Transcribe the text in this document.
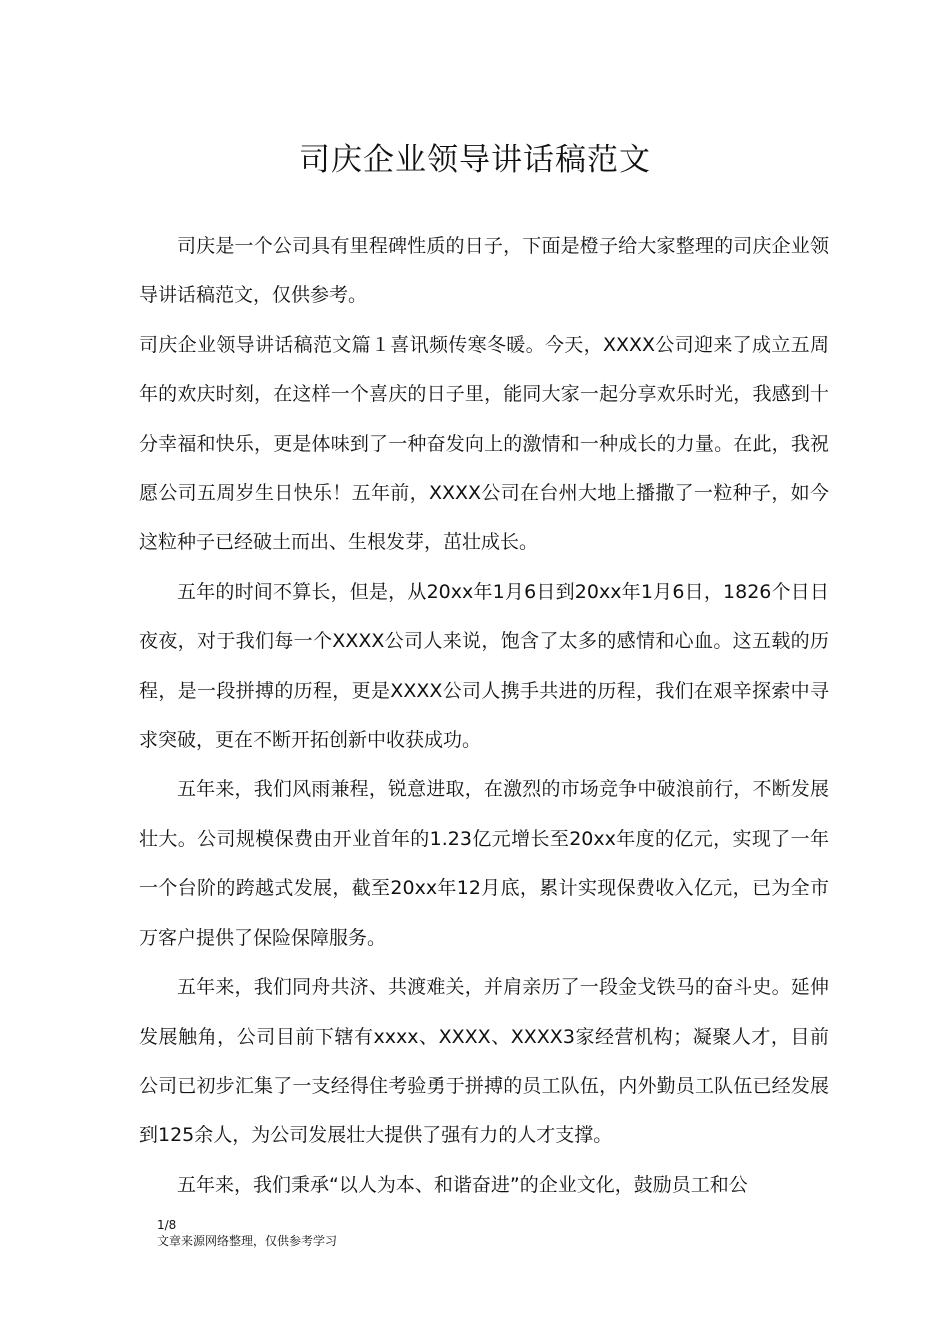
司庆企业领导讲话稿范文

司庆是一个公司具有里程碑性质的日子，下面是橙子给大家整理的司庆企业领导讲话稿范文，仅供参考。

司庆企业领导讲话稿范文篇１喜讯频传寒冬暖。今天，XXXX公司迎来了成立五周年的欢庆时刻，在这样一个喜庆的日子里，能同大家一起分享欢乐时光，我感到十分幸福和快乐，更是体味到了一种奋发向上的激情和一种成长的力量。在此，我祝愿公司五周岁生日快乐！五年前，XXXX公司在台州大地上播撒了一粒种子，如今这粒种子已经破土而出、生根发芽，茁壮成长。

五年的时间不算长，但是，从20xx年1月6日到20xx年1月6日，1826个日日夜夜，对于我们每一个XXXX公司人来说，饱含了太多的感情和心血。这五载的历程，是一段拼搏的历程，更是XXXX公司人携手共进的历程，我们在艰辛探索中寻求突破，更在不断开拓创新中收获成功。

五年来，我们风雨兼程，锐意进取，在激烈的市场竞争中破浪前行，不断发展壮大。公司规模保费由开业首年的1.23亿元增长至20xx年度的亿元，实现了一年一个台阶的跨越式发展，截至20xx年12月底，累计实现保费收入亿元，已为全市万客户提供了保险保障服务。

五年来，我们同舟共济、共渡难关，并肩亲历了一段金戈铁马的奋斗史。延伸发展触角，公司目前下辖有xxxx、XXXX、XXXX3家经营机构；凝聚人才，目前公司已初步汇集了一支经得住考验勇于拼搏的员工队伍，内外勤员工队伍已经发展到125余人，为公司发展壮大提供了强有力的人才支撑。

五年来，我们秉承“以人为本、和谐奋进”的企业文化，鼓励员工和公

1/8
文章来源网络整理，仅供参考学习
